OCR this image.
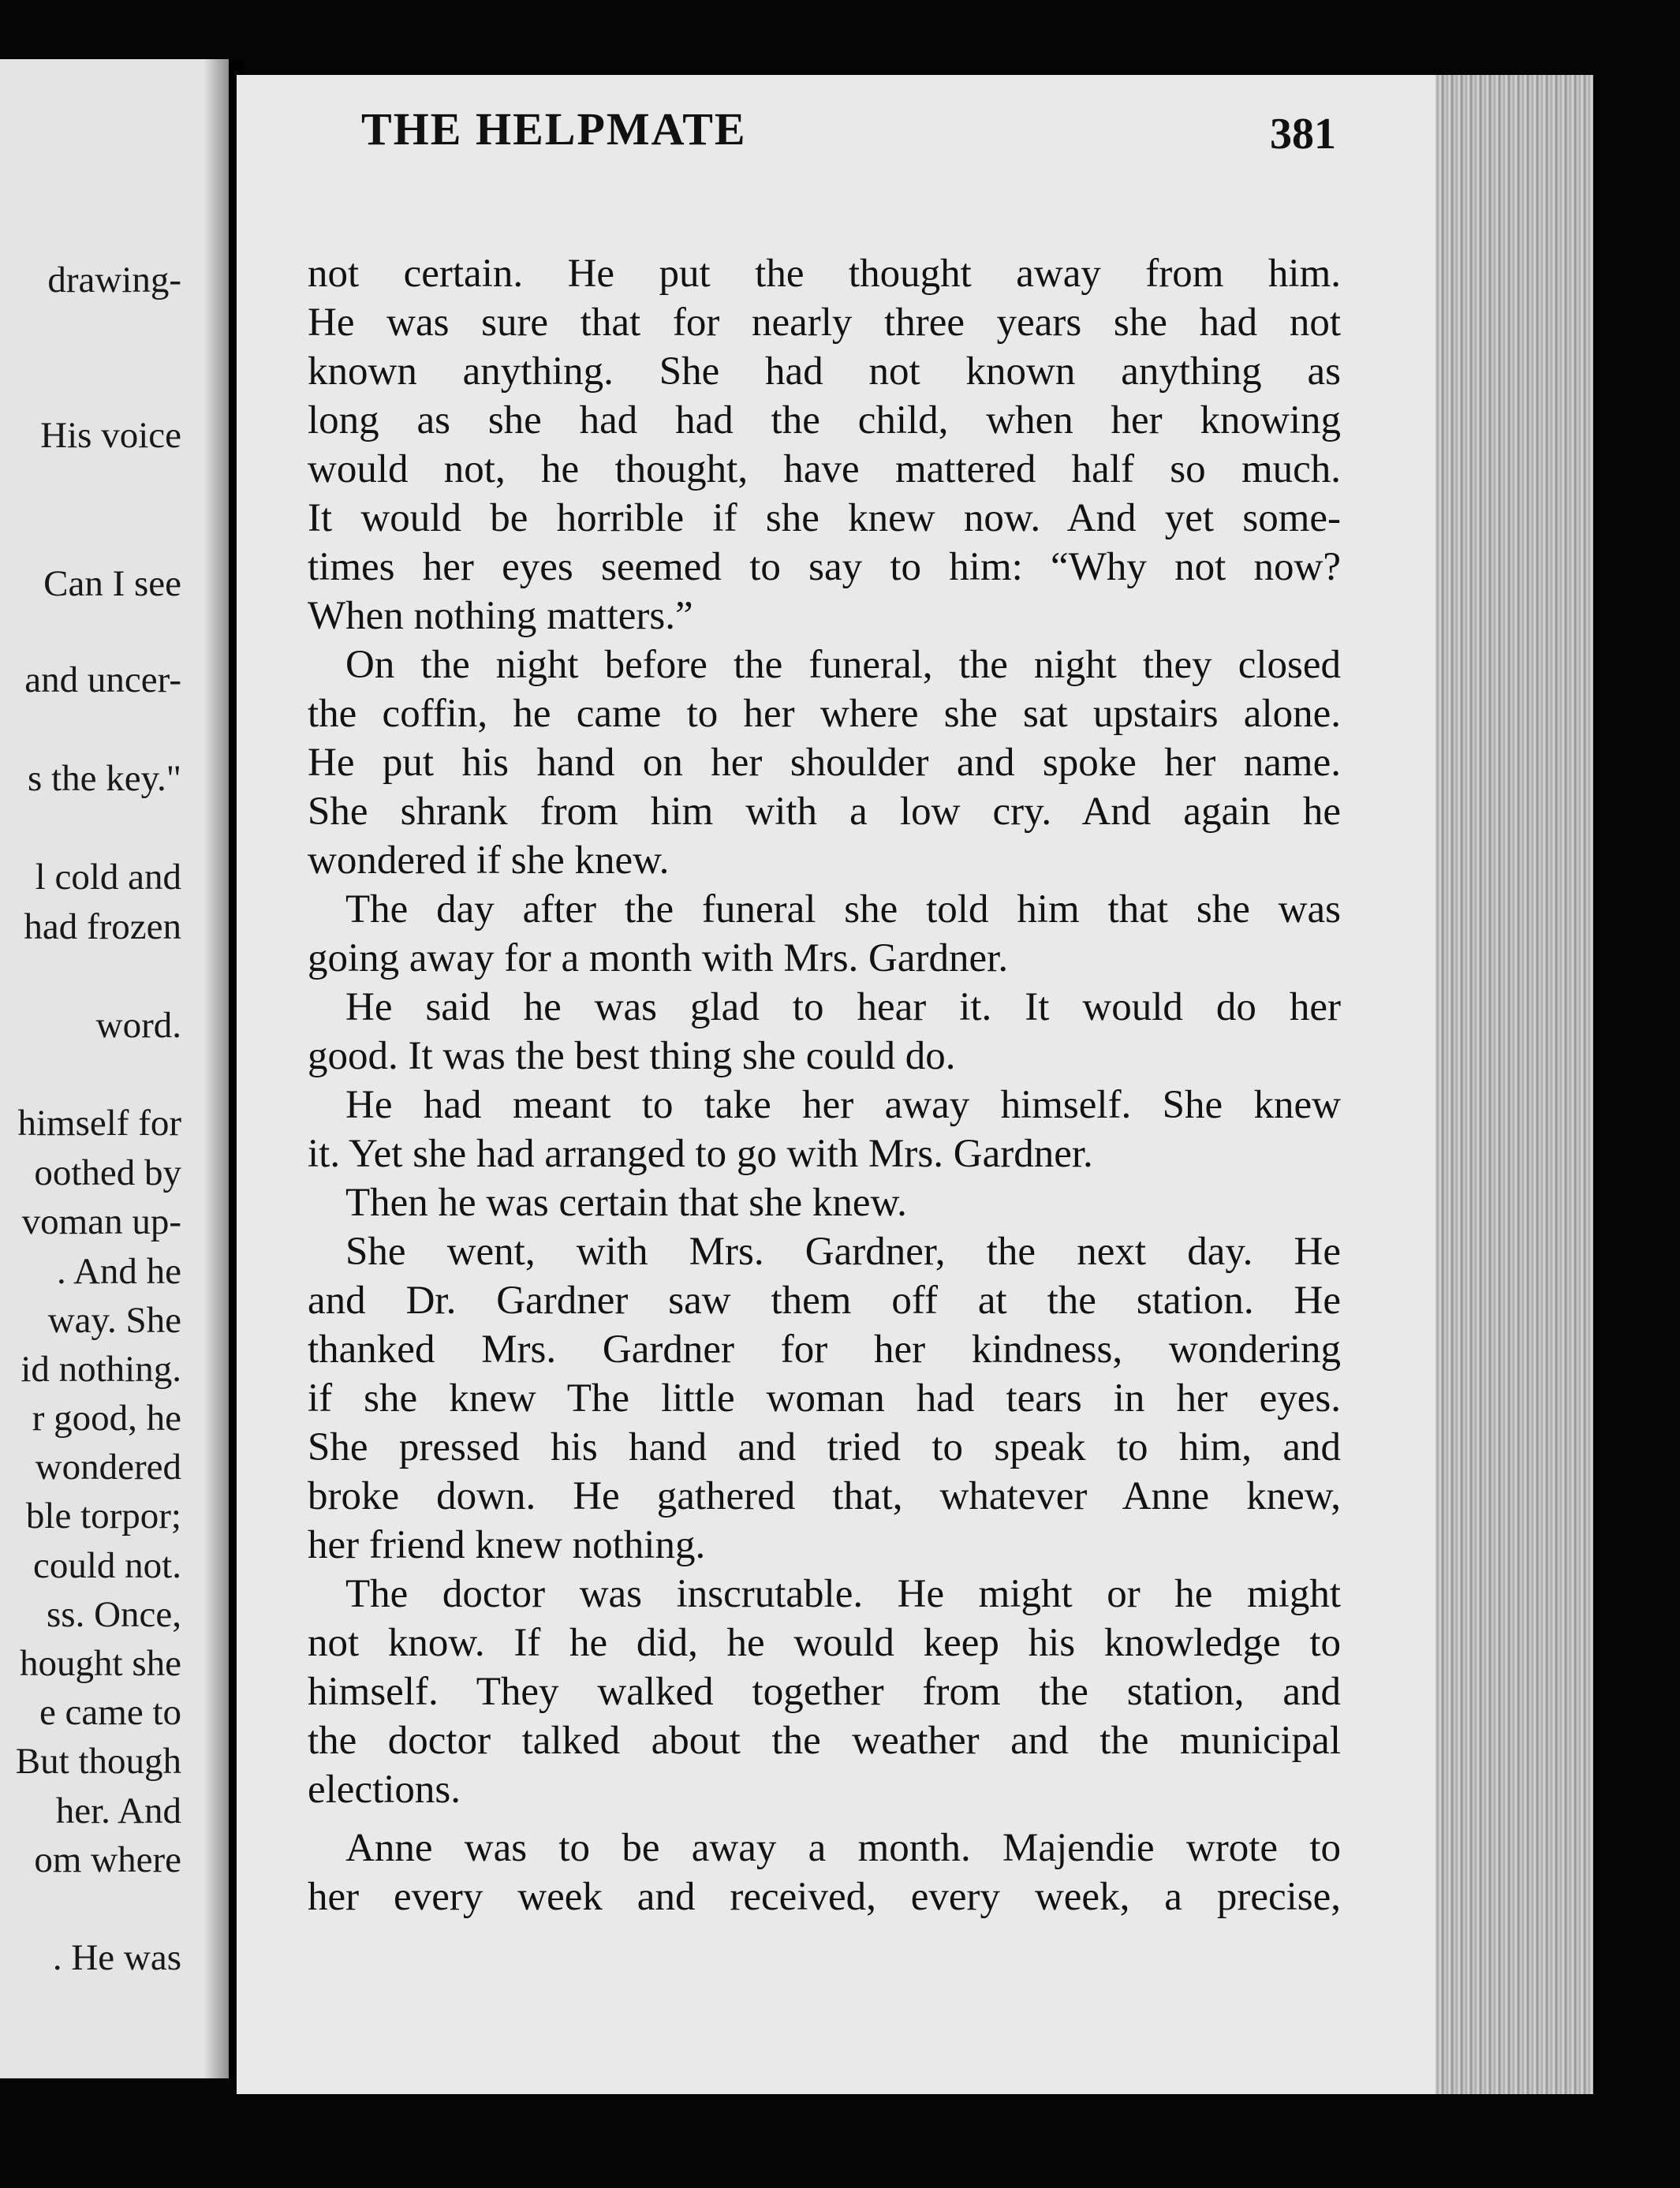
drawing-
His voice
Can I see
and uncer-
s the key."
l cold and
had frozen
word.
himself for
oothed by
voman up-
. And he
way. She
id nothing.
r good, he
wondered
ble torpor;
could not.
ss. Once,
hought she
e came to
But though
her. And
om where
. He was
THE HELPMATE	381
not certain. He put the thought away from him.
He was sure that for nearly three years she had not
known anything. She had not known anything as
long as she had had the child, when her knowing
would not, he thought, have mattered half so much.
It would be horrible if she knew now. And yet some-
times her eyes seemed to say to him: “Why not now?
When nothing matters.”
On the night before the funeral, the night they closed
the coffin, he came to her where she sat upstairs alone.
He put his hand on her shoulder and spoke her name.
She shrank from him with a low cry. And again he
wondered if she knew.
The day after the funeral she told him that she was
going away for a month with Mrs. Gardner.
He said he was glad to hear it. It would do her
good. It was the best thing she could do.
He had meant to take her away himself. She knew
it. Yet she had arranged to go with Mrs. Gardner.
Then he was certain that she knew.
She went, with Mrs. Gardner, the next day. He
and Dr. Gardner saw them off at the station. He
thanked Mrs. Gardner for her kindness, wondering
if she knew The little woman had tears in her eyes.
She pressed his hand and tried to speak to him, and
broke down. He gathered that, whatever Anne knew,
her friend knew nothing.
The doctor was inscrutable. He might or he might
not know. If he did, he would keep his knowledge to
himself. They walked together from the station, and
the doctor talked about the weather and the municipal
elections.
Anne was to be away a month. Majendie wrote to
her every week and received, every week, a precise,
